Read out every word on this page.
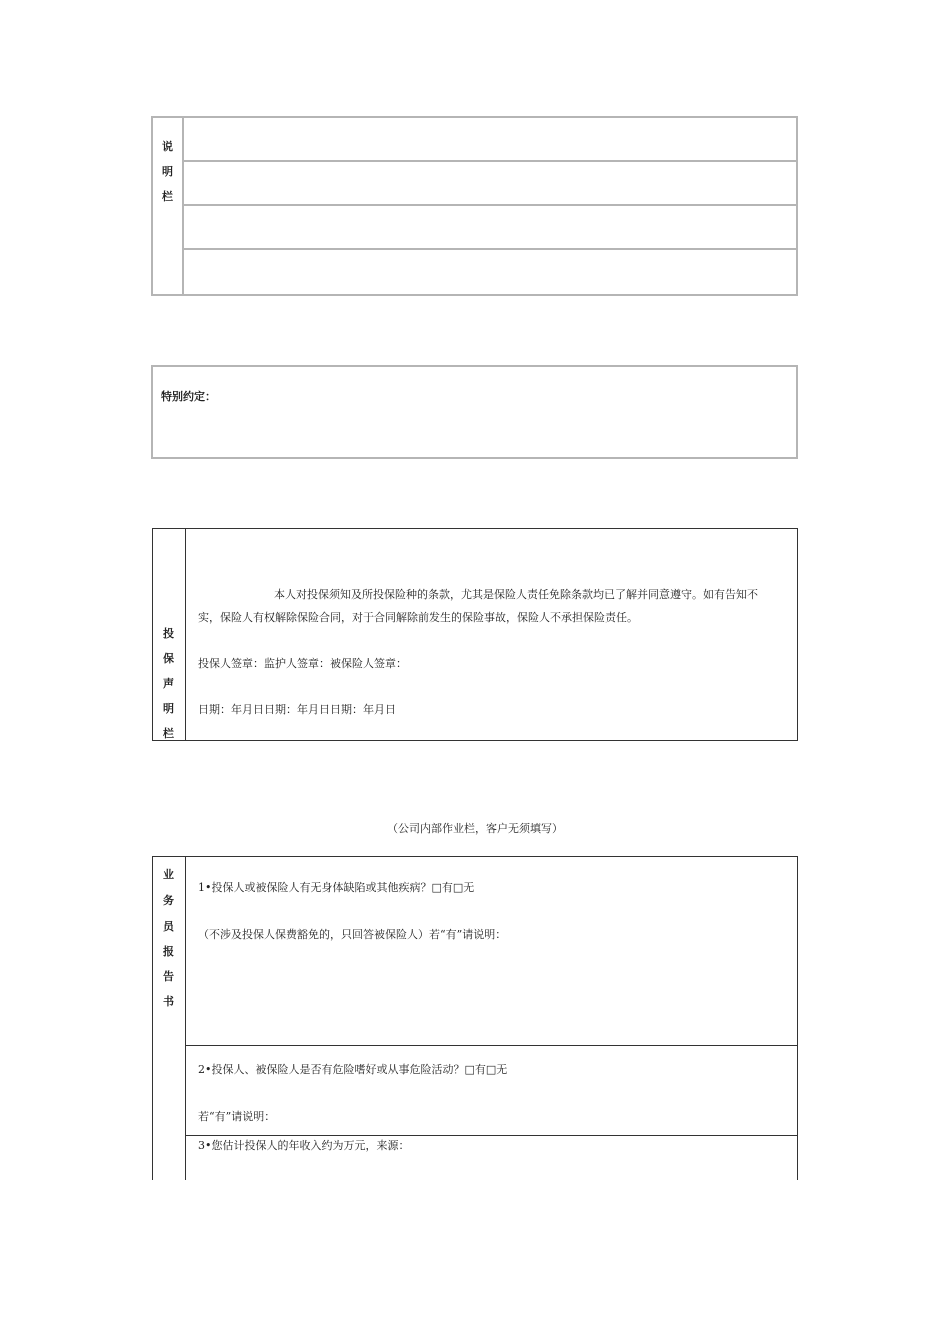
说
明
栏
特别约定：
投
保
声
明
栏
本人对投保须知及所投保险种的条款，尤其是保险人责任免除条款均已了解并同意遵守。如有告知不
实，保险人有权解除保险合同，对于合同解除前发生的保险事故，保险人不承担保险责任。
投保人签章：监护人签章：被保险人签章：
日期：年月日日期：年月日日期：年月日
（公司内部作业栏，客户无须填写）
业
务
员
报
告
书
1•投保人或被保险人有无身体缺陷或其他疾病？□有□无
（不涉及投保人保费豁免的，只回答被保险人）若“有”请说明：
2•投保人、被保险人是否有危险嗜好或从事危险活动？□有□无
若“有”请说明：
3•您估计投保人的年收入约为万元，来源：
